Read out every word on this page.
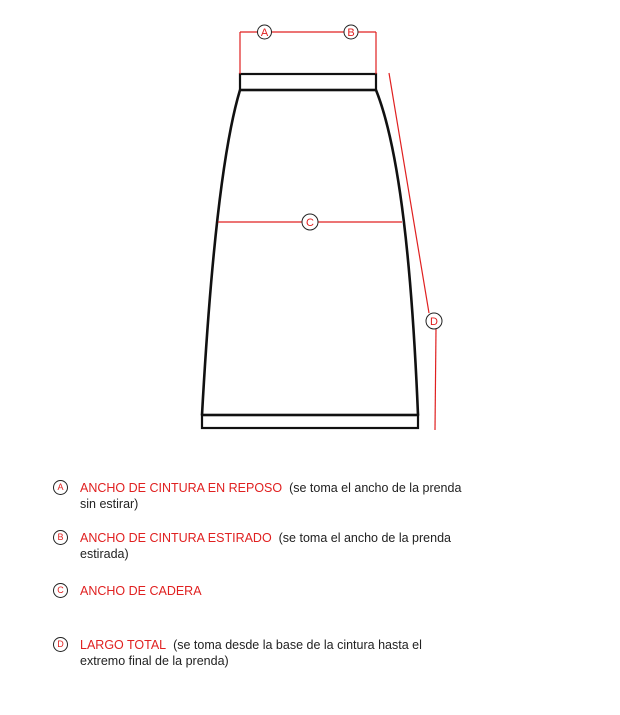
A	B
C
D
A	ANCHO DE CINTURA EN REPOSO (se toma el ancho de la prenda sin estirar)
B	ANCHO DE CINTURA ESTIRADO (se toma el ancho de la prenda estirada)
C	ANCHO DE CADERA
D	LARGO TOTAL (se toma desde la base de la cintura hasta el extremo final de la prenda)
